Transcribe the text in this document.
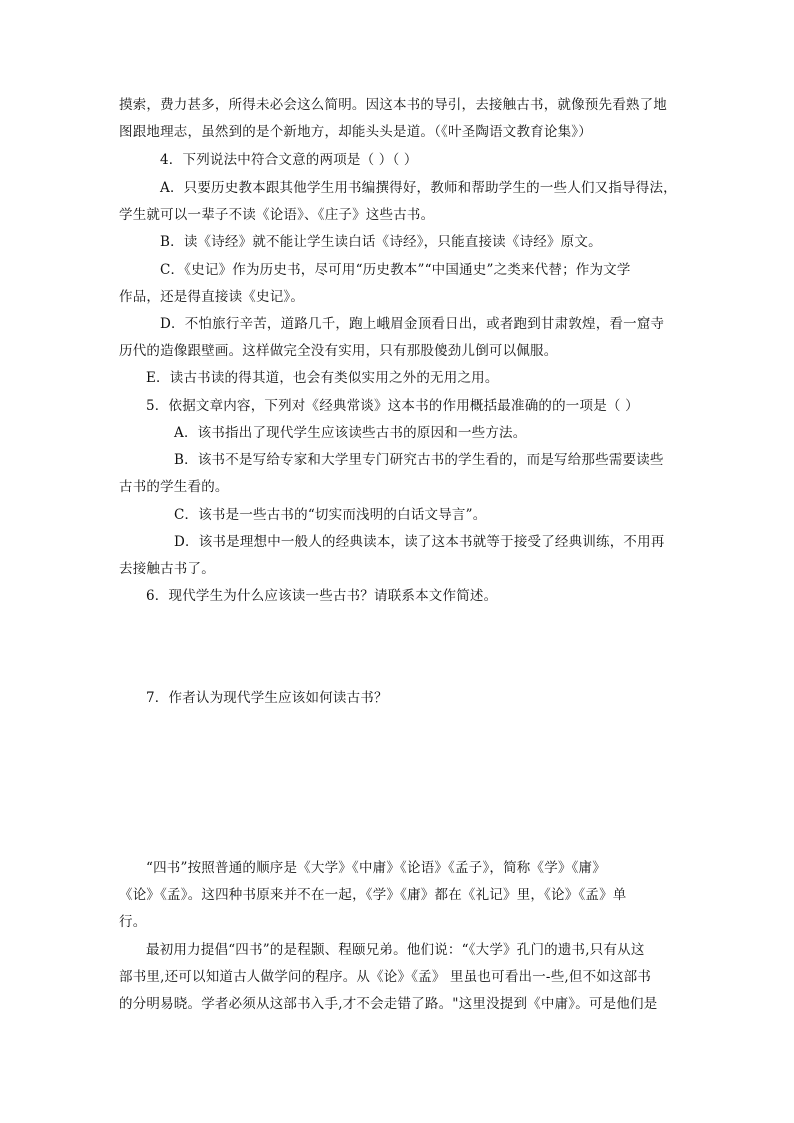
摸索，费力甚多，所得未必会这么简明。因这本书的导引，去接触古书，就像预先看熟了地
图跟地理志，虽然到的是个新地方，却能头头是道。（《叶圣陶语文教育论集》）
4．下列说法中符合文意的两项是（ ）（ ）
A．只要历史教本跟其他学生用书编撰得好，教师和帮助学生的一些人们又指导得法，
学生就可以一辈子不读《论语》、《庄子》这些古书。
B．读《诗经》就不能让学生读白话《诗经》，只能直接读《诗经》原文。
C．《史记》作为历史书，尽可用“历史教本”“中国通史”之类来代替；作为文学
作品，还是得直接读《史记》。
D．不怕旅行辛苦，道路几千，跑上峨眉金顶看日出，或者跑到甘肃敦煌，看一窟寺
历代的造像跟壁画。这样做完全没有实用，只有那股傻劲儿倒可以佩服。
E．读古书读的得其道，也会有类似实用之外的无用之用。
5．依据文章内容，下列对《经典常谈》这本书的作用概括最准确的的一项是（ ）
A．该书指出了现代学生应该读些古书的原因和一些方法。
B．该书不是写给专家和大学里专门研究古书的学生看的，而是写给那些需要读些
古书的学生看的。
C．该书是一些古书的“切实而浅明的白话文导言”。
D．该书是理想中一般人的经典读本，读了这本书就等于接受了经典训练，不用再
去接触古书了。
6．现代学生为什么应该读一些古书？请联系本文作简述。
7．作者认为现代学生应该如何读古书？
“四书”按照普通的顺序是《大学》《中庸》《论语》《孟子》，简称《学》《庸》
《论》《孟》。这四种书原来并不在一起，《学》《庸》都在《礼记》里，《论》《孟》单
行。
最初用力提倡“四书”的是程颢、程颐兄弟。他们说：“《大学》孔门的遗书,只有从这
部书里,还可以知道古人做学问的程序。从《论》《孟》 里虽也可看出一-些,但不如这部书
的分明易晓。学者必须从这部书入手,才不会走错了路。"这里没提到《中庸》。可是他们是
